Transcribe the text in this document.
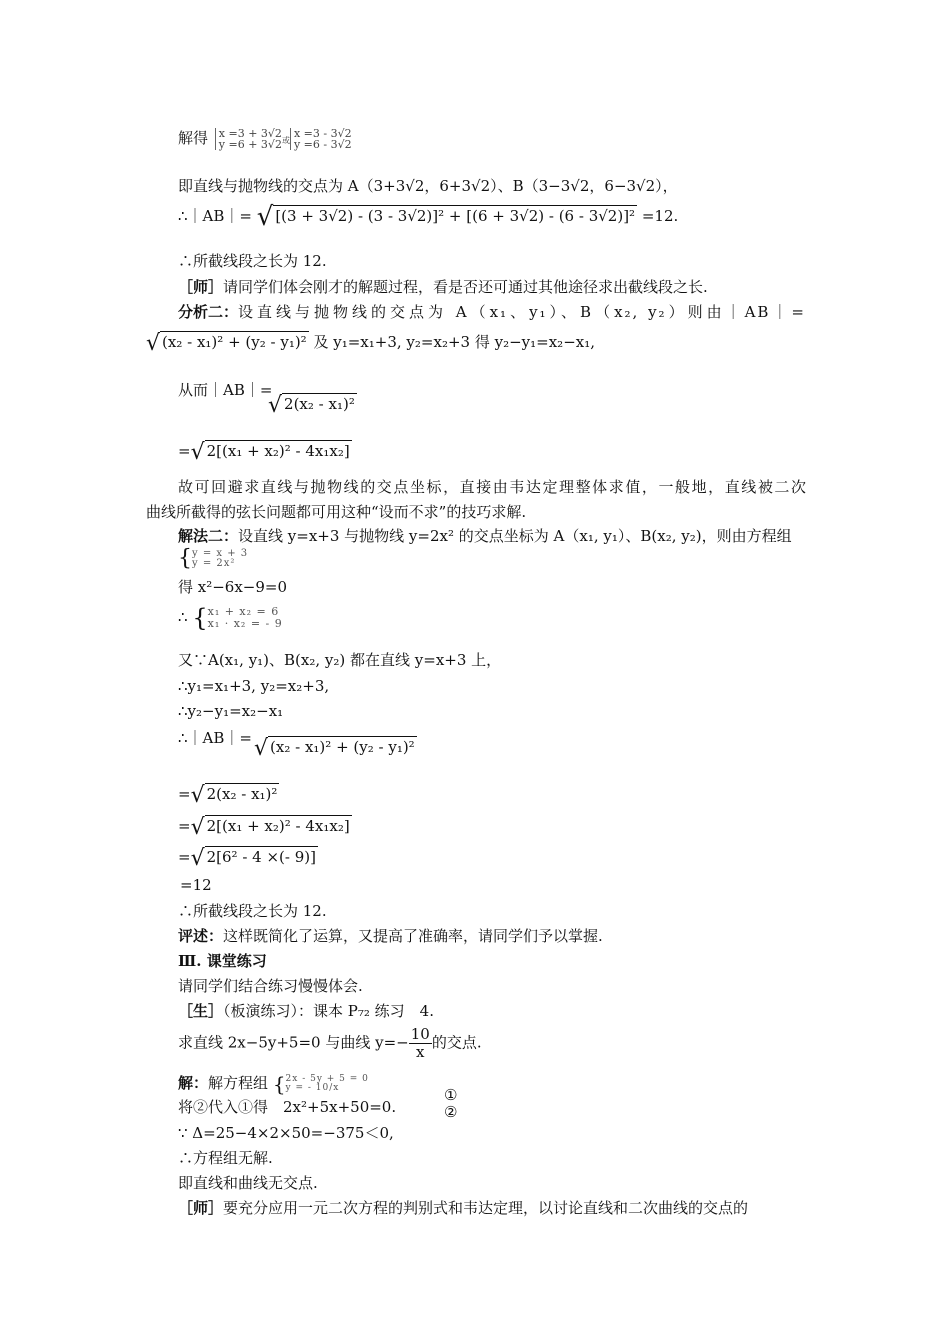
解得 x =3 + 3√2
y =6 + 3√2 或
x =3 - 3√2
y =6 - 3√2
即直线与抛物线的交点为 A（3+3√2，6+3√2）、B（3−3√2，6−3√2），
∴｜AB｜= √ [(3 + 3√2) - (3 - 3√2)]² + [(6 + 3√2) - (6 - 3√2)]² =12.
∴所截线段之长为 12.
［师］请同学们体会刚才的解题过程，看是否还可通过其他途径求出截线段之长.
分析二： 设直线与抛物线的交点为 A（x₁、y₁）、B（x₂, y₂）则由｜AB｜=
√ (x₂ - x₁)² + (y₂ - y₁)² 及 y₁=x₁+3, y₂=x₂+3 得 y₂−y₁=x₂−x₁,
从而｜AB｜=
√ 2(x₂ - x₁)²
=√ 2[(x₁ + x₂)² - 4x₁x₂]
故可回避求直线与抛物线的交点坐标，直接由韦达定理整体求值，一般地，直线被二次
曲线所截得的弦长问题都可用这种“设而不求”的技巧求解.
解法二：设直线 y=x+3 与抛物线 y=2x² 的交点坐标为 A（x₁, y₁）、B(x₂, y₂)，则由方程组
{ y = x + 3
y = 2x²
得 x²−6x−9=0
∴ { x₁ + x₂ = 6
x₁ · x₂ = - 9
又∵A(x₁, y₁)、B(x₂, y₂) 都在直线 y=x+3 上，
∴y₁=x₁+3, y₂=x₂+3,
∴y₂−y₁=x₂−x₁
∴｜AB｜= √ (x₂ - x₁)² + (y₂ - y₁)²
=√ 2(x₂ - x₁)²
=√ 2[(x₁ + x₂)² - 4x₁x₂]
=√ 2[6² - 4 ×(- 9)]
=12
∴所截线段之长为 12.
评述：这样既简化了运算，又提高了准确率，请同学们予以掌握.
Ⅲ. 课堂练习
请同学们结合练习慢慢体会.
［生］（板演练习）：课本 P₇₂ 练习　4.
求直线 2x−5y+5=0 与曲线 $y=- \frac{10}{x}$ 的交点.
解：解方程组 { 2x - 5y + 5 = 0
y = - 10/x	①
②
将②代入①得　2x²+5x+50=0.
∵ Δ=25−4×2×50=−375＜0,
∴方程组无解.
即直线和曲线无交点.
［师］要充分应用一元二次方程的判别式和韦达定理，以讨论直线和二次曲线的交点的
